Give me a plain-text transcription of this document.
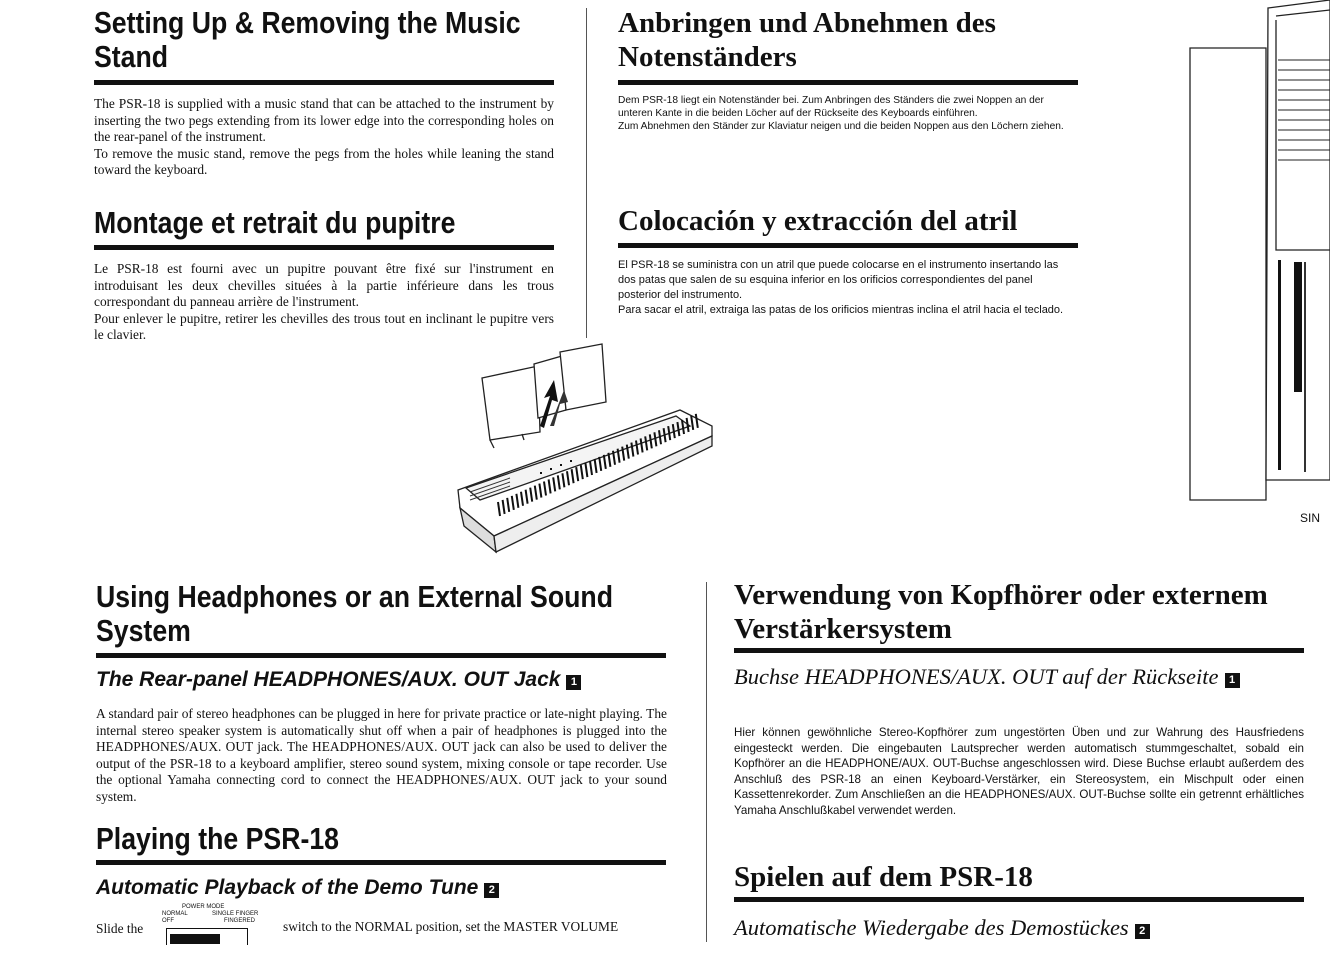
Setting Up & Removing the Music Stand

The PSR-18 is supplied with a music stand that can be attached to the instrument by inserting the two pegs extending from its lower edge into the corresponding holes on the rear-panel of the instrument.

To remove the music stand, remove the pegs from the holes while leaning the stand toward the keyboard.

Montage et retrait du pupitre

Le PSR-18 est fourni avec un pupitre pouvant être fixé sur l'instrument en introduisant les deux chevilles situées à la partie inférieure dans les trous correspondant du panneau arrière de l'instrument.

Pour enlever le pupitre, retirer les chevilles des trous tout en inclinant le pupitre vers le clavier.

Anbringen und Abnehmen des Notenständers

Dem PSR-18 liegt ein Notenständer bei. Zum Anbringen des Ständers die zwei Noppen an der unteren Kante in die beiden Löcher auf der Rückseite des Keyboards einführen.

Zum Abnehmen den Ständer zur Klaviatur neigen und die beiden Noppen aus den Löchern ziehen.

Colocación y extracción del atril

El PSR-18 se suministra con un atril que puede colocarse en el instrumento insertando las dos patas que salen de su esquina inferior en los orificios correspondientes del panel posterior del instrumento.

Para sacar el atril, extraiga las patas de los orificios mientras inclina el atril hacia el teclado.

SIN
Using Headphones or an External Sound System
The Rear-panel HEADPHONES/AUX. OUT Jack 1

A standard pair of stereo headphones can be plugged in here for private practice or late-night playing. The internal stereo speaker system is automatically shut off when a pair of headphones is plugged into the HEADPHONES/AUX. OUT jack. The HEADPHONES/AUX. OUT jack can also be used to deliver the output of the PSR-18 to a keyboard amplifier, stereo sound system, mixing console or tape recorder. Use the optional Yamaha connecting cord to connect the HEADPHONES/AUX. OUT jack to your sound system.

Playing the PSR-18
Automatic Playback of the Demo Tune 2
Slide the
POWER MODE
NORMAL	SINGLE FINGER
OFF	FINGERED switch to the NORMAL position, set the MASTER VOLUME
Verwendung von Kopfhörer oder externem Verstärkersystem
Buchse HEADPHONES/AUX. OUT auf der Rückseite 1

Hier können gewöhnliche Stereo-Kopfhörer zum ungestörten Üben und zur Wahrung des Hausfriedens eingesteckt werden. Die eingebauten Lautsprecher werden automatisch stummgeschaltet, sobald ein Kopfhörer an die HEADPHONE/AUX. OUT-Buchse angeschlossen wird. Diese Buchse erlaubt außerdem des Anschluß des PSR-18 an einen Keyboard-Verstärker, ein Stereosystem, ein Mischpult oder einen Kassettenrekorder. Zum Anschließen an die HEADPHONES/AUX. OUT-Buchse sollte ein getrennt erhältliches Yamaha Anschlußkabel verwendet werden.

Spielen auf dem PSR-18
Automatische Wiedergabe des Demostückes 2
